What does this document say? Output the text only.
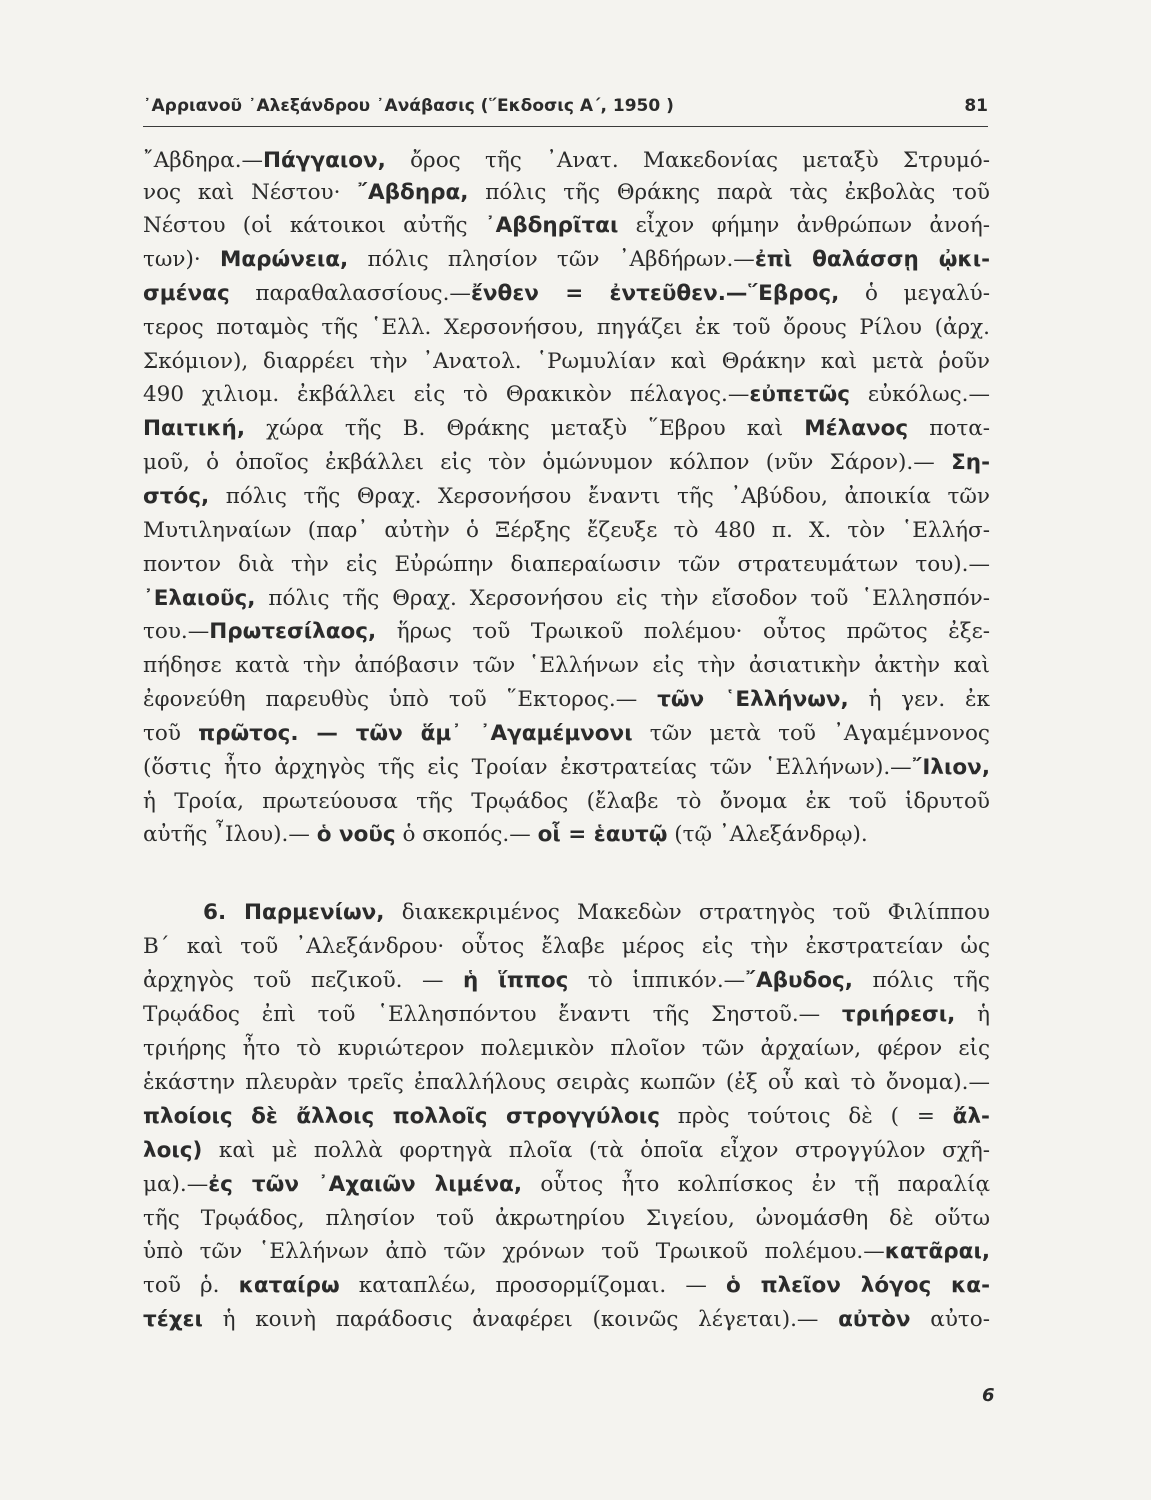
᾿Αρριανοῦ ᾿Αλεξάνδρου ᾿Ανάβασις (῞Εκδοσις Α΄, 1950 )	81
῎Αβδηρα.—Πάγγαιον, ὄρος τῆς ᾿Ανατ. Μακεδονίας μεταξὺ Στρυμό-
νος καὶ Νέστου· ῎Αβδηρα, πόλις τῆς Θράκης παρὰ τὰς ἐκβολὰς τοῦ
Νέστου (οἱ κάτοικοι αὐτῆς ᾿Αβδηρῖται εἶχον φήμην ἀνθρώπων ἀνοή-
των)· Μαρώνεια, πόλις πλησίον τῶν ᾿Αβδήρων.—ἐπὶ θαλάσσῃ ᾠκι-
σμένας παραθαλασσίους.—ἔνθεν = ἐντεῦθεν.—῞Εβρος, ὁ μεγαλύ-
τερος ποταμὸς τῆς ῾Ελλ. Χερσονήσου, πηγάζει ἐκ τοῦ ὄρους Ρίλου (ἀρχ.
Σκόμιον), διαρρέει τὴν ᾿Ανατολ. ῾Ρωμυλίαν καὶ Θράκην καὶ μετὰ ῥοῦν
490 χιλιομ. ἐκβάλλει εἰς τὸ Θρακικὸν πέλαγος.—εὐπετῶς εὐκόλως.—
Παιτική, χώρα τῆς Β. Θράκης μεταξὺ ῞Εβρου καὶ Μέλανος ποτα-
μοῦ, ὁ ὁποῖος ἐκβάλλει εἰς τὸν ὁμώνυμον κόλπον (νῦν Σάρον).— Ση-
στός, πόλις τῆς Θραχ. Χερσονήσου ἔναντι τῆς ᾿Αβύδου, ἀποικία τῶν
Μυτιληναίων (παρ᾿ αὐτὴν ὁ Ξέρξης ἔζευξε τὸ 480 π. Χ. τὸν ῾Ελλήσ-
ποντον διὰ τὴν εἰς Εὐρώπην διαπεραίωσιν τῶν στρατευμάτων του).—
᾿Ελαιοῦς, πόλις τῆς Θραχ. Χερσονήσου εἰς τὴν εἴσοδον τοῦ ῾Ελλησπόν-
του.—Πρωτεσίλαος, ἥρως τοῦ Τρωικοῦ πολέμου· οὗτος πρῶτος ἐξε-
πήδησε κατὰ τὴν ἀπόβασιν τῶν ῾Ελλήνων εἰς τὴν ἀσιατικὴν ἀκτὴν καὶ
ἐφονεύθη παρευθὺς ὑπὸ τοῦ ῞Εκτορος.— τῶν ῾Ελλήνων, ἡ γεν. ἐκ
τοῦ πρῶτος. — τῶν ἅμ᾿ ᾿Αγαμέμνονι τῶν μετὰ τοῦ ᾿Αγαμέμνονος
(ὅστις ἦτο ἀρχηγὸς τῆς εἰς Τροίαν ἐκστρατείας τῶν ῾Ελλήνων).—῎Ιλιον,
ἡ Τροία, πρωτεύουσα τῆς Τρῳάδος (ἔλαβε τὸ ὄνομα ἐκ τοῦ ἱδρυτοῦ
αὐτῆς ῏Ιλου).— ὁ νοῦς ὁ σκοπός.— οἷ = ἑαυτῷ (τῷ ᾿Αλεξάνδρῳ).
6. Παρμενίων, διακεκριμένος Μακεδὼν στρατηγὸς τοῦ Φιλίππου
Β΄ καὶ τοῦ ᾿Αλεξάνδρου· οὗτος ἔλαβε μέρος εἰς τὴν ἐκστρατείαν ὡς
ἀρχηγὸς τοῦ πεζικοῦ. — ἡ ἵππος τὸ ἱππικόν.—῎Αβυδος, πόλις τῆς
Τρῳάδος ἐπὶ τοῦ ῾Ελλησπόντου ἔναντι τῆς Σηστοῦ.— τριήρεσι, ἡ
τριήρης ἦτο τὸ κυριώτερον πολεμικὸν πλοῖον τῶν ἀρχαίων, φέρον εἰς
ἑκάστην πλευρὰν τρεῖς ἐπαλλήλους σειρὰς κωπῶν (ἐξ οὗ καὶ τὸ ὄνομα).—
πλοίοις δὲ ἄλλοις πολλοῖς στρογγύλοις πρὸς τούτοις δὲ ( = ἄλ-
λοις) καὶ μὲ πολλὰ φορτηγὰ πλοῖα (τὰ ὁποῖα εἶχον στρογγύλον σχῆ-
μα).—ἐς τῶν ᾿Αχαιῶν λιμένα, οὗτος ἦτο κολπίσκος ἐν τῇ παραλίᾳ
τῆς Τρῳάδος, πλησίον τοῦ ἀκρωτηρίου Σιγείου, ὠνομάσθη δὲ οὕτω
ὑπὸ τῶν ῾Ελλήνων ἀπὸ τῶν χρόνων τοῦ Τρωικοῦ πολέμου.—κατᾶραι,
τοῦ ῥ. καταίρω καταπλέω, προσορμίζομαι. — ὁ πλεῖον λόγος κα-
τέχει ἡ κοινὴ παράδοσις ἀναφέρει (κοινῶς λέγεται).— αὐτὸν αὐτο-
6
